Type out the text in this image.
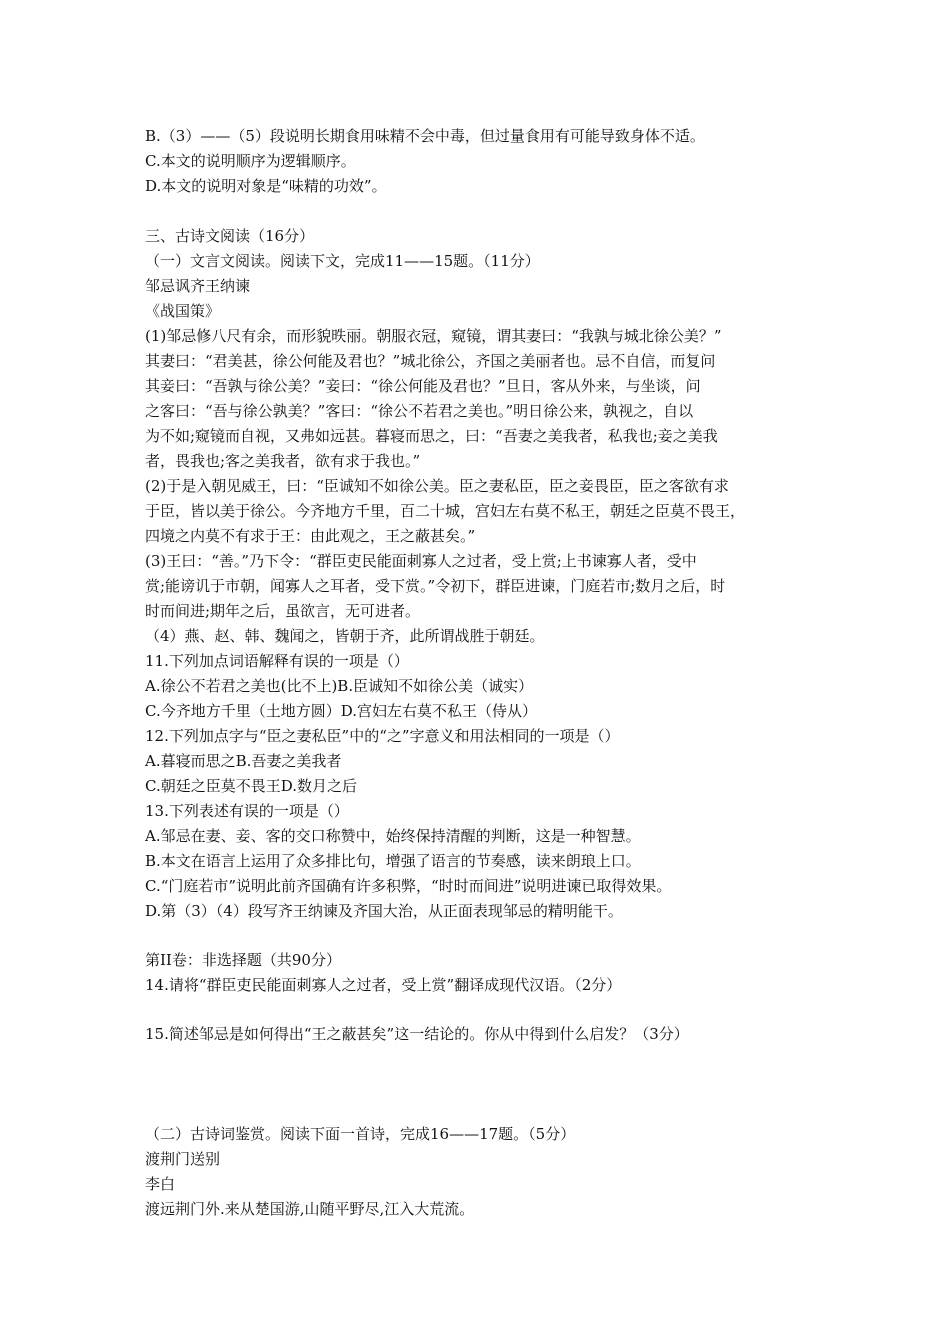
B.（3）——（5）段说明长期食用味精不会中毒，但过量食用有可能导致身体不适。
C.本文的说明顺序为逻辑顺序。
D.本文的说明对象是“味精的功效”。
三、古诗文阅读（16分）
（一）文言文阅读。阅读下文，完成11——15题。（11分）
邹忌讽齐王纳谏
《战国策》
(1)邹忌修八尺有余，而形貌昳丽。朝服衣冠，窥镜，谓其妻曰：“我孰与城北徐公美？”
其妻曰：“君美甚，徐公何能及君也？”城北徐公，齐国之美丽者也。忌不自信，而复问
其妾曰：“吾孰与徐公美？”妾曰：“徐公何能及君也？”旦日，客从外来，与坐谈，问
之客曰：“吾与徐公孰美？”客曰：“徐公不若君之美也。”明日徐公来，孰视之，自以
为不如;窥镜而自视，又弗如远甚。暮寝而思之，曰：“吾妻之美我者，私我也;妾之美我
者，畏我也;客之美我者，欲有求于我也。”
(2)于是入朝见威王，曰：“臣诚知不如徐公美。臣之妻私臣，臣之妾畏臣，臣之客欲有求
于臣，皆以美于徐公。今齐地方千里，百二十城，宫妇左右莫不私王，朝廷之臣莫不畏王，
四境之内莫不有求于王：由此观之，王之蔽甚矣。”
(3)王曰：“善。”乃下令：“群臣吏民能面刺寡人之过者，受上赏;上书谏寡人者，受中
赏;能谤讥于市朝，闻寡人之耳者，受下赏。”令初下，群臣进谏，门庭若市;数月之后，时
时而间进;期年之后，虽欲言，无可进者。
（4）燕、赵、韩、魏闻之，皆朝于齐，此所谓战胜于朝廷。
11.下列加点词语解释有误的一项是（）
A.徐公不若君之美也(比不上)B.臣诚知不如徐公美（诚实）
C.今齐地方千里（土地方圆）D.宫妇左右莫不私王（侍从）
12.下列加点字与“臣之妻私臣”中的“之”字意义和用法相同的一项是（）
A.暮寝而思之B.吾妻之美我者
C.朝廷之臣莫不畏王D.数月之后
13.下列表述有误的一项是（）
A.邹忌在妻、妾、客的交口称赞中，始终保持清醒的判断，这是一种智慧。
B.本文在语言上运用了众多排比句，增强了语言的节奏感，读来朗琅上口。
C.“门庭若市”说明此前齐国确有许多积弊，“时时而间进”说明进谏已取得效果。
D.第（3）（4）段写齐王纳谏及齐国大治，从正面表现邹忌的精明能干。
第II卷：非选择题（共90分）
14.请将“群臣吏民能面刺寡人之过者，受上赏”翻译成现代汉语。（2分）
15.简述邹忌是如何得出“王之蔽甚矣”这一结论的。你从中得到什么启发？（3分）
（二）古诗词鉴赏。阅读下面一首诗，完成16——17题。（5分）
渡荆门送别
李白
渡远荆门外.来从楚国游,山随平野尽,江入大荒流。
